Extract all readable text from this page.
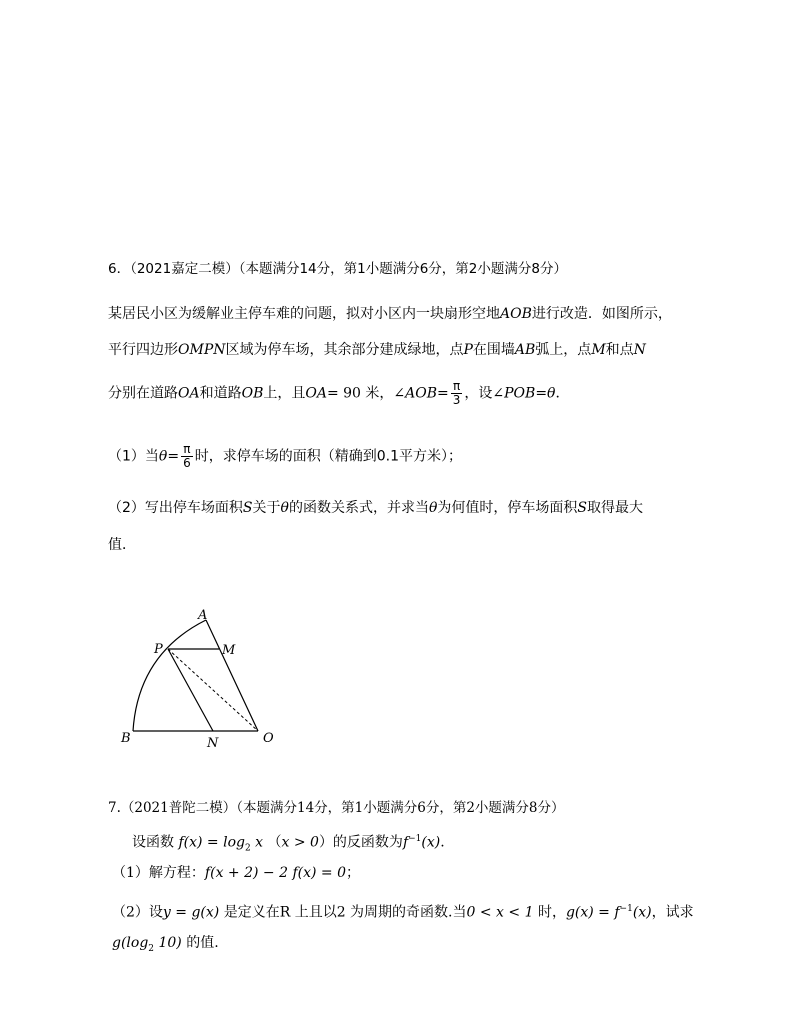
6．（2021嘉定二模）（本题满分14分，第1小题满分6分，第2小题满分8分）
某居民小区为缓解业主停车难的问题，拟对小区内一块扇形空地AOB进行改造．如图所示，
平行四边形OMPN区域为停车场，其余部分建成绿地，点P在围墙AB弧上，点M和点N
分别在道路OA和道路OB上，且OA= 90 米，∠AOB= $\frac{\pi}{3}$ ，设∠POB=θ．
（1）当$\theta= \frac{\pi}{6}$ 时，求停车场的面积（精确到0.1平方米）；
（2）写出停车场面积S关于θ的函数关系式，并求当θ为何值时，停车场面积S取得最大
值．
A
M
P
B	N	O
7.（2021普陀二模）（本题满分14分，第1小题满分6分，第2小题满分8分）
设函数 $f(x) = \log_2 x$ （x > 0）的反函数为$f^{-1}(x)$.
（1）解方程：f(x + 2) − 2 f(x) = 0；
（2）设y = g(x) 是定义在R 上且以2 为周期的奇函数.当0 < x < 1 时，$g(x) = f^{-1}(x)$，试求
$g(\log_2$ 10) 的值.
